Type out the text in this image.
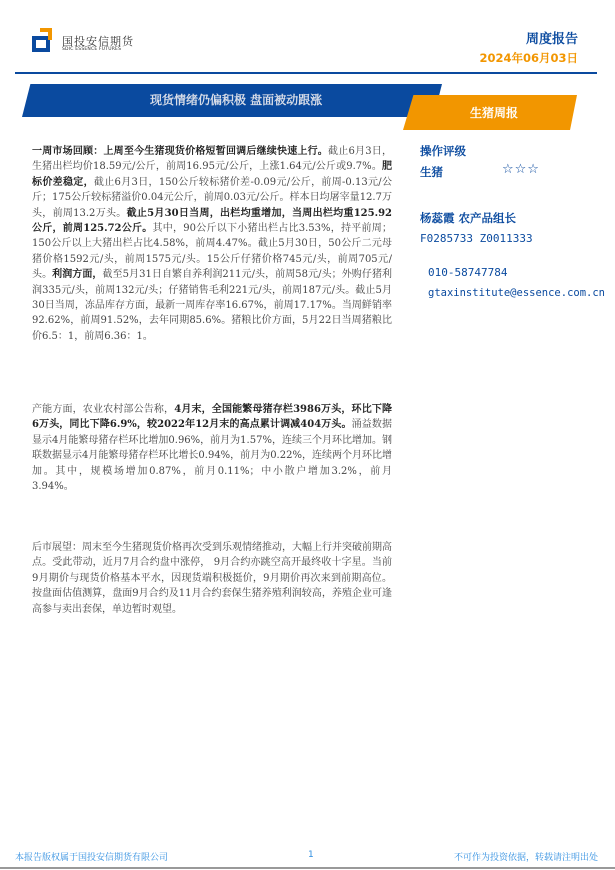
国投安信期货
SDIC ESSENCE FUTURES
周度报告
2024年06月03日
现货情绪仍偏积极 盘面被动跟涨
生猪周报
一周市场回顾：上周至今生猪现货价格短暂回调后继续快速上行。截止6月3日，生猪出栏均价18.59元/公斤，前周16.95元/公斤，上涨1.64元/公斤或9.7%。肥标价差稳定，截止6月3日，150公斤较标猪价差-0.09元/公斤，前周-0.13元/公斤；175公斤较标猪溢价0.04元公斤，前周0.03元/公斤。样本日均屠宰量12.7万头，前周13.2万头。截止5月30日当周，出栏均重增加，当周出栏均重125.92公斤，前周125.72公斤。其中，90公斤以下小猪出栏占比3.53%，持平前周；150公斤以上大猪出栏占比4.58%，前周4.47%。截止5月30日，50公斤二元母猪价格1592元/头，前周1575元/头。15公斤仔猪价格745元/头，前周705元/头。利润方面，截至5月31日自繁自养利润211元/头，前周58元/头；外购仔猪利润335元/头，前周132元/头；仔猪销售毛利221元/头，前周187元/头。截止5月30日当周，冻品库存方面，最新一周库存率16.67%，前周17.17%。当周鲜销率92.62%，前周91.52%，去年同期85.6%。猪粮比价方面，5月22日当周猪粮比价6.5：1，前周6.36：1。
产能方面，农业农村部公告称，4月末，全国能繁母猪存栏3986万头，环比下降6万头，同比下降6.9%，较2022年12月末的高点累计调减404万头。涌益数据显示4月能繁母猪存栏环比增加0.96%，前月为1.57%，连续三个月环比增加。钢联数据显示4月能繁母猪存栏环比增长0.94%，前月为0.22%，连续两个月环比增加。其中，规模场增加0.87%，前月0.11%；中小散户增加3.2%，前月3.94%。
后市展望：周末至今生猪现货价格再次受到乐观情绪推动，大幅上行并突破前期高点。受此带动，近月7月合约盘中涨停， 9月合约亦跳空高开最终收十字星。当前9月期价与现货价格基本平水，因现货端积极挺价，9月期价再次来到前期高位。按盘面估值测算，盘面9月合约及11月合约套保生猪养殖利润较高，养殖企业可逢高参与卖出套保，单边暂时观望。
操作评级
生猪	☆☆☆
杨蕊霞 农产品组长
F0285733 Z0011333
010-58747784
gtaxinstitute@essence.com.cn
本报告版权属于国投安信期货有限公司	1	不可作为投资依据，转载请注明出处
